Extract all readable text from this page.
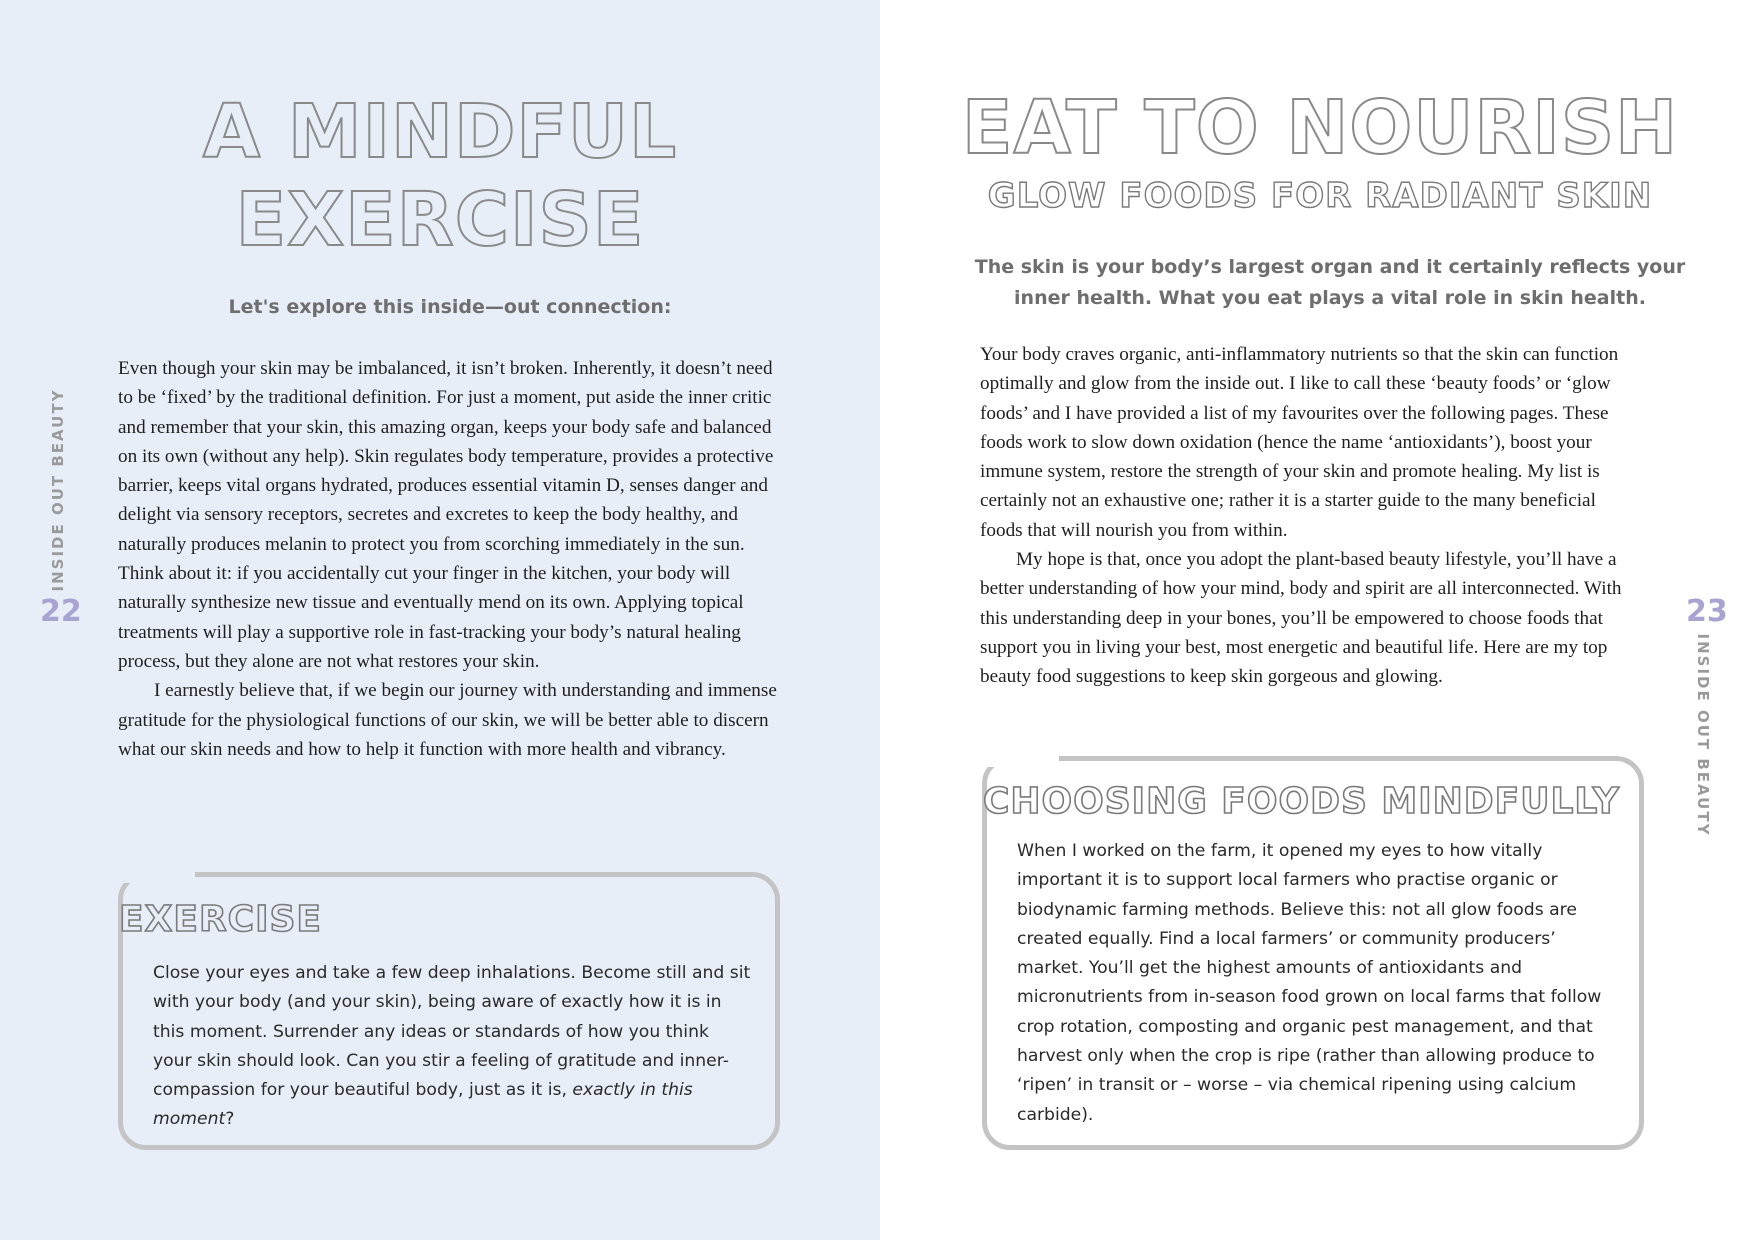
A MINDFUL
EXERCISE

Let's explore this inside—out connection:

Even though your skin may be imbalanced, it isn’t broken. Inherently, it doesn’t need to be ‘fixed’ by the traditional definition. For just a moment, put aside the inner critic and remember that your skin, this amazing organ, keeps your body safe and balanced on its own (without any help). Skin regulates body temperature, provides a protective barrier, keeps vital organs hydrated, produces essential vitamin D, senses danger and delight via sensory receptors, secretes and excretes to keep the body healthy, and naturally produces melanin to protect you from scorching immediately in the sun. Think about it: if you accidentally cut your finger in the kitchen, your body will naturally synthesize new tissue and eventually mend on its own. Applying topical treatments will play a supportive role in fast-tracking your body’s natural healing process, but they alone are not what restores your skin.

I earnestly believe that, if we begin our journey with understanding and immense gratitude for the physiological functions of our skin, we will be better able to discern what our skin needs and how to help it function with more health and vibrancy.

INSIDE OUT BEAUTY
22
EXERCISE

Close your eyes and take a few deep inhalations. Become still and sit with your body (and your skin), being aware of exactly how it is in this moment. Surrender any ideas or standards of how you think your skin should look. Can you stir a feeling of gratitude and inner-compassion for your beautiful body, just as it is, exactly in this moment?

EAT TO NOURISH
GLOW FOODS FOR RADIANT SKIN

The skin is your body’s largest organ and it certainly reflects your inner health. What you eat plays a vital role in skin health.

Your body craves organic, anti-inflammatory nutrients so that the skin can function optimally and glow from the inside out. I like to call these ‘beauty foods’ or ‘glow foods’ and I have provided a list of my favourites over the following pages. These foods work to slow down oxidation (hence the name ‘antioxidants’), boost your immune system, restore the strength of your skin and promote healing. My list is certainly not an exhaustive one; rather it is a starter guide to the many beneficial foods that will nourish you from within.

My hope is that, once you adopt the plant-based beauty lifestyle, you’ll have a better understanding of how your mind, body and spirit are all interconnected. With this understanding deep in your bones, you’ll be empowered to choose foods that support you in living your best, most energetic and beautiful life. Here are my top beauty food suggestions to keep skin gorgeous and glowing.	INSIDE OUT BEAUTY
23
CHOOSING FOODS MINDFULLY

When I worked on the farm, it opened my eyes to how vitally important it is to support local farmers who practise organic or biodynamic farming methods. Believe this: not all glow foods are created equally. Find a local farmers’ or community producers’ market. You’ll get the highest amounts of antioxidants and micronutrients from in-season food grown on local farms that follow crop rotation, composting and organic pest management, and that harvest only when the crop is ripe (rather than allowing produce to ‘ripen’ in transit or – worse – via chemical ripening using calcium carbide).
